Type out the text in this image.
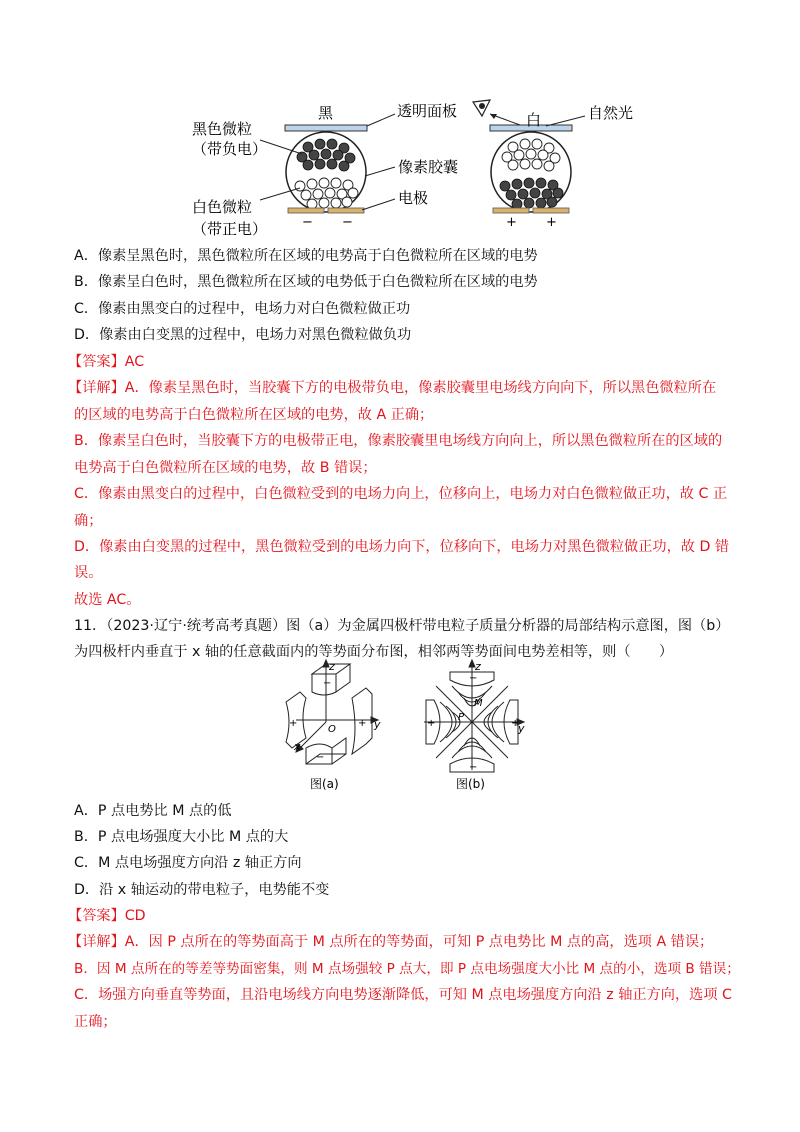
− −
黑	透明面板
黑色微粒
（带负电）
像素胶囊
电极
白色微粒
（带正电）	+ +
白	自然光
A．像素呈黑色时，黑色微粒所在区域的电势高于白色微粒所在区域的电势
B．像素呈白色时，黑色微粒所在区域的电势低于白色微粒所在区域的电势
C．像素由黑变白的过程中，电场力对白色微粒做正功
D．像素由白变黑的过程中，电场力对黑色微粒做负功
【答案】AC
【详解】A．像素呈黑色时，当胶囊下方的电极带负电，像素胶囊里电场线方向向下，所以黑色微粒所在
的区域的电势高于白色微粒所在区域的电势，故 A 正确；
B．像素呈白色时，当胶囊下方的电极带正电，像素胶囊里电场线方向向上，所以黑色微粒所在的区域的
电势高于白色微粒所在区域的电势，故 B 错误；
C．像素由黑变白的过程中，白色微粒受到的电场力向上，位移向上，电场力对白色微粒做正功，故 C 正
确；
D．像素由白变黑的过程中，黑色微粒受到的电场力向下，位移向下，电场力对黑色微粒做正功，故 D 错
误。
故选 AC。
11．（2023·辽宁·统考高考真题）图（a）为金属四极杆带电粒子质量分析器的局部结构示意图，图（b）
为四极杆内垂直于 x 轴的任意截面内的等势面分布图，相邻两等势面间电势差相等，则（　　）
z
y
x
O
−
−
+	+
图(a)
z
y
M
P
−
−
+	+
图(b)
A．P 点电势比 M 点的低
B．P 点电场强度大小比 M 点的大
C．M 点电场强度方向沿 z 轴正方向
D．沿 x 轴运动的带电粒子，电势能不变
【答案】CD
【详解】A．因 P 点所在的等势面高于 M 点所在的等势面，可知 P 点电势比 M 点的高，选项 A 错误；
B．因 M 点所在的等差等势面密集，则 M 点场强较 P 点大，即 P 点电场强度大小比 M 点的小，选项 B 错误；
C．场强方向垂直等势面，且沿电场线方向电势逐渐降低，可知 M 点电场强度方向沿 z 轴正方向，选项 C
正确；
